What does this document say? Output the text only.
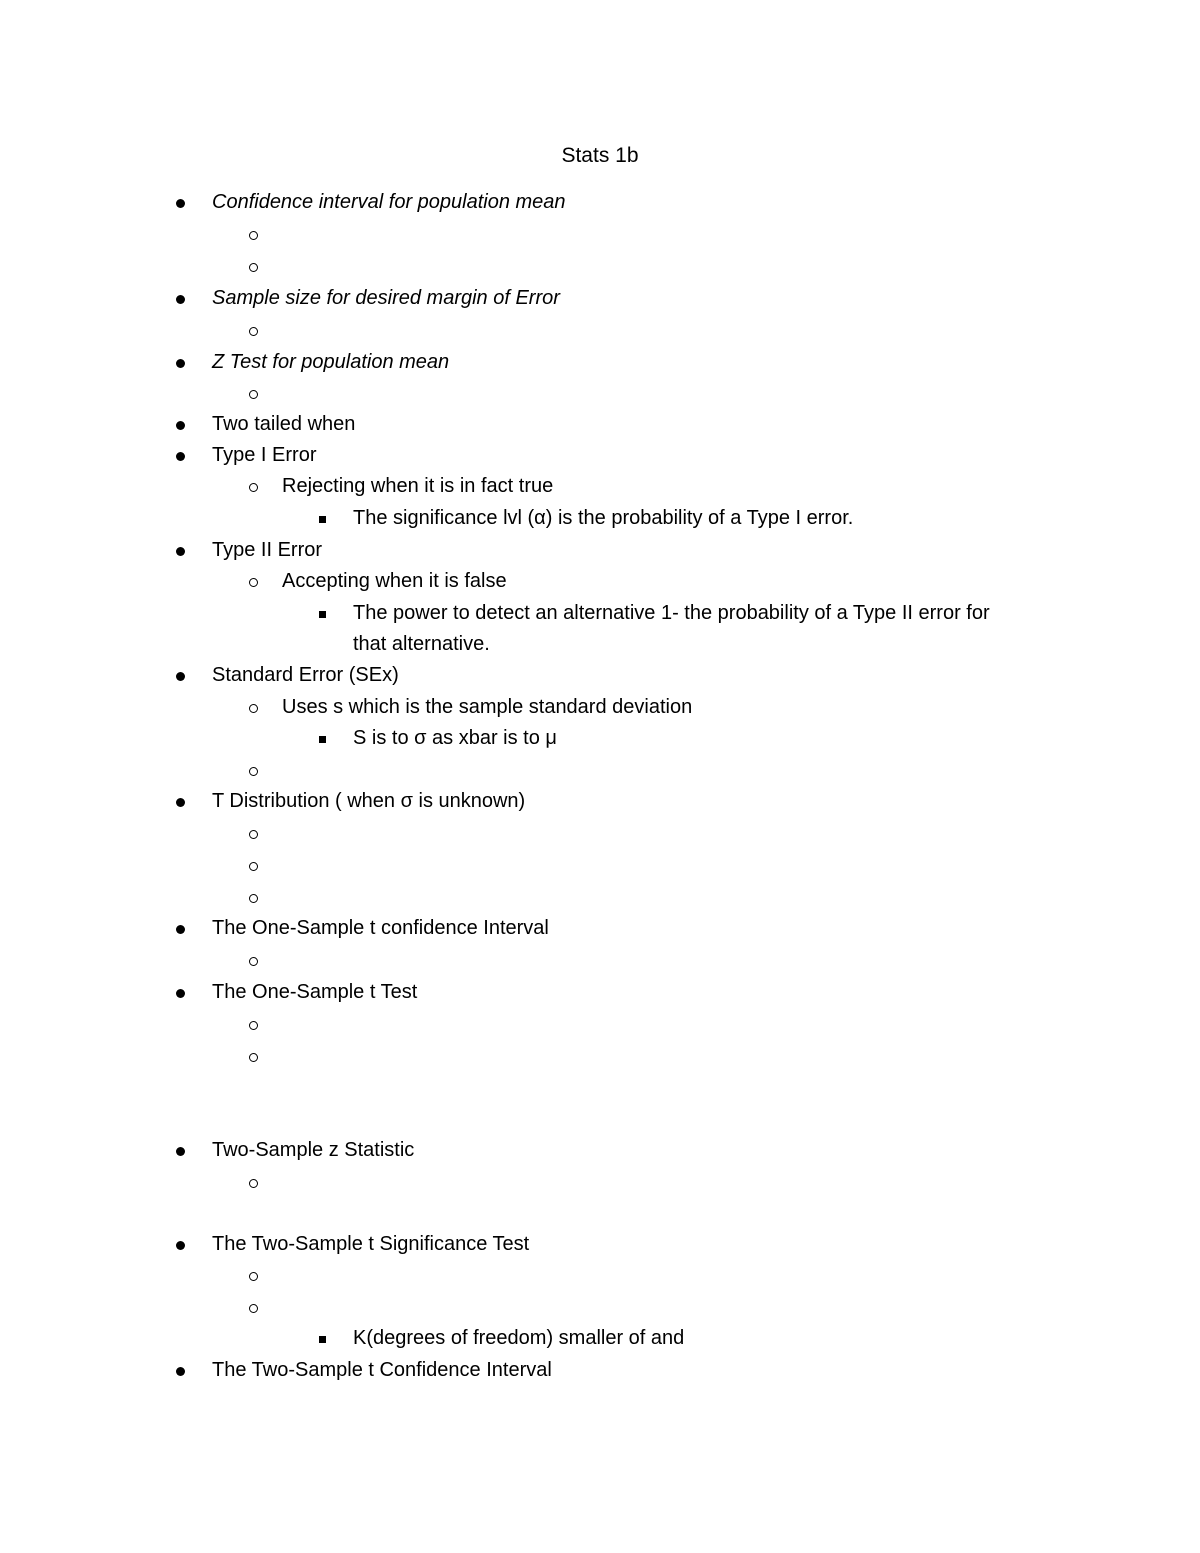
Stats 1b
Confidence interval for population mean
Sample size for desired margin of Error
Z Test for population mean
Two tailed when
Type I Error
Rejecting when it is in fact true
The significance lvl (α) is the probability of a Type I error.
Type II Error
Accepting when it is false
The power to detect an alternative 1- the probability of a Type II error for
that alternative.
Standard Error (SEx)
Uses s which is the sample standard deviation
S is to σ as xbar is to μ
T Distribution ( when σ is unknown)
The One-Sample t confidence Interval
The One-Sample t Test
Two-Sample z Statistic
The Two-Sample t Significance Test
K(degrees of freedom) smaller of and
The Two-Sample t Confidence Interval
